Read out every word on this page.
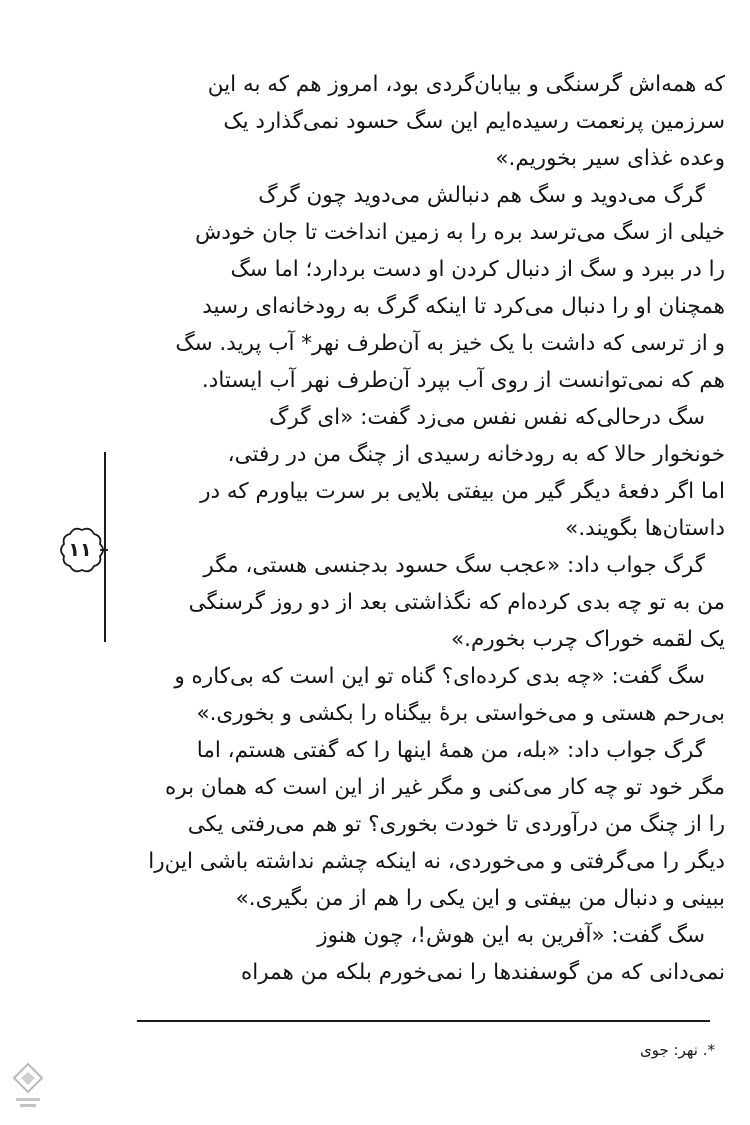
که همه‌اش گرسنگی و بیابان‌گردی بود، امروز هم که به این
سرزمین پرنعمت رسیده‌ایم این سگ حسود نمی‌گذارد یک
وعده غذای سیر بخوریم.»
گرگ می‌دوید و سگ هم دنبالش می‌دوید چون گرگ
خیلی از سگ می‌ترسد بره را به زمین انداخت تا جان خودش
را در ببرد و سگ از دنبال کردن او دست بردارد؛ اما سگ
همچنان او را دنبال می‌کرد تا اینکه گرگ به رودخانه‌ای رسید
و از ترسی که داشت با یک خیز به آن‌طرف نهر* آب پرید. سگ
هم که نمی‌توانست از روی آب بپرد آن‌طرف نهر آب ایستاد.
سگ درحالی‌که نفس نفس می‌زد گفت: «ای گرگ
خونخوار حالا که به رودخانه رسیدی از چنگ من در رفتی،
اما اگر دفعهٔ دیگر گیر من بیفتی بلایی بر سرت بیاورم که در
داستان‌ها بگویند.»
گرگ جواب داد: «عجب سگ حسود بدجنسی هستی، مگر
من به تو چه بدی کرده‌ام که نگذاشتی بعد از دو روز گرسنگی
یک لقمه خوراک چرب بخورم.»
سگ گفت: «چه بدی کرده‌ای؟ گناه تو این است که بی‌کاره و
بی‌رحم هستی و می‌خواستی برهٔ بیگناه را بکشی و بخوری.»
گرگ جواب داد: «بله، من همهٔ اینها را که گفتی هستم، اما
مگر خود تو چه کار می‌کنی و مگر غیر از این است که همان بره
را از چنگ من درآوردی تا خودت بخوری؟ تو هم می‌رفتی یکی
دیگر را می‌گرفتی و می‌خوردی، نه اینکه چشم نداشته باشی این‌را
ببینی و دنبال من بیفتی و این یکی را هم از من بگیری.»
سگ گفت: «آفرین به این هوش!، چون هنوز
نمی‌دانی که من گوسفندها را نمی‌خورم بلکه من همراه
۱۱
*. نهر: جوی
